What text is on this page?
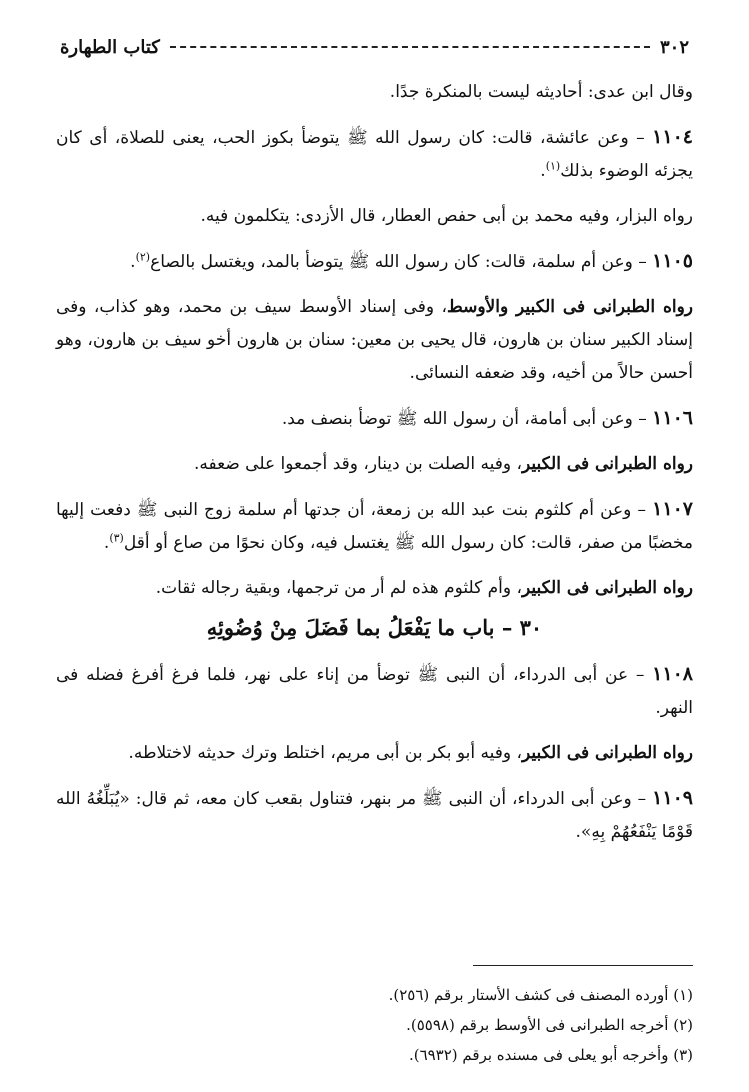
٣٠٢
كتاب الطهارة

وقال ابن عدى: أحاديثه ليست بالمنكرة جدًا.

١١٠٤ – وعن عائشة، قالت: كان رسول الله ﷺ يتوضأ بكوز الحب، يعنى للصلاة، أى كان يجزئه الوضوء بذلك$^{(١)}$.

رواه البزار، وفيه محمد بن أبى حفص العطار، قال الأزدى: يتكلمون فيه.

١١٠٥ – وعن أم سلمة، قالت: كان رسول الله ﷺ يتوضأ بالمد، ويغتسل بالصاع$^{(٢)}$.

رواه الطبرانى فى الكبير والأوسط، وفى إسناد الأوسط سيف بن محمد، وهو كذاب، وفى إسناد الكبير سنان بن هارون، قال يحيى بن معين: سنان بن هارون أخو سيف بن هارون، وهو أحسن حالاً من أخيه، وقد ضعفه النسائى.

١١٠٦ – وعن أبى أمامة، أن رسول الله ﷺ توضأ بنصف مد.

رواه الطبرانى فى الكبير، وفيه الصلت بن دينار، وقد أجمعوا على ضعفه.

١١٠٧ – وعن أم كلثوم بنت عبد الله بن زمعة، أن جدتها أم سلمة زوج النبى ﷺ دفعت إليها مخضبًا من صفر، قالت: كان رسول الله ﷺ يغتسل فيه، وكان نحوًا من صاع أو أقل$^{(٣)}$.

رواه الطبرانى فى الكبير، وأم كلثوم هذه لم أر من ترجمها، وبقية رجاله ثقات.

٣٠ – باب ما يَفْعَلُ بما فَضَلَ مِنْ وُضُوئِهِ

١١٠٨ – عن أبى الدرداء، أن النبى ﷺ توضأ من إناء على نهر، فلما فرغ أفرغ فضله فى النهر.

رواه الطبرانى فى الكبير، وفيه أبو بكر بن أبى مريم، اختلط وترك حديثه لاختلاطه.

١١٠٩ – وعن أبى الدرداء، أن النبى ﷺ مر بنهر، فتناول بقعب كان معه، ثم قال: «يُبَلِّغُهُ الله قَوْمًا يَنْفَعُهُمْ بِهِ».

(١) أورده المصنف فى كشف الأستار برقم (٢٥٦).
(٢) أخرجه الطبرانى فى الأوسط برقم (٥٥٩٨).
(٣) وأخرجه أبو يعلى فى مسنده برقم (٦٩٣٢).
